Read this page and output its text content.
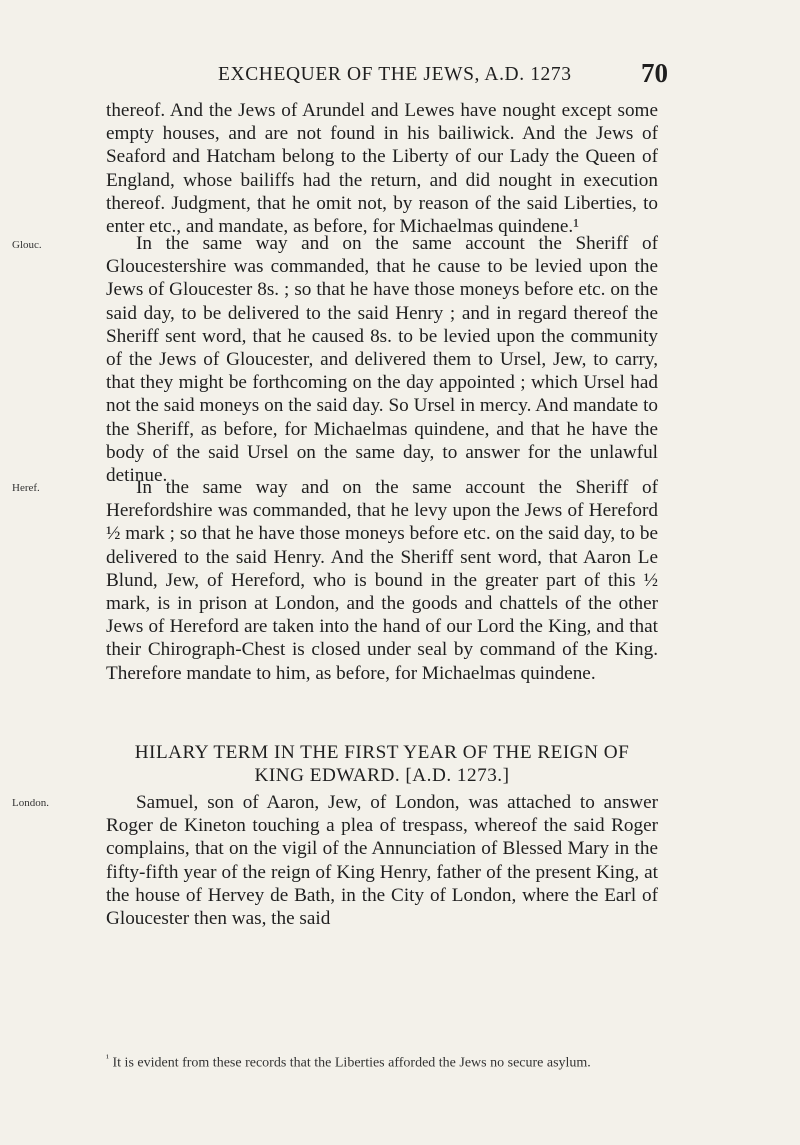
EXCHEQUER OF THE JEWS, A.D. 1273	70

thereof. And the Jews of Arundel and Lewes have nought except some empty houses, and are not found in his bailiwick. And the Jews of Seaford and Hatcham belong to the Liberty of our Lady the Queen of England, whose bailiffs had the return, and did nought in execution thereof. Judgment, that he omit not, by reason of the said Liberties, to enter etc., and mandate, as before, for Michaelmas quindene.¹

Glouc.	In the same way and on the same account the Sheriff of Gloucestershire was commanded, that he cause to be levied upon the Jews of Gloucester 8s. ; so that he have those moneys before etc. on the said day, to be delivered to the said Henry ; and in regard thereof the Sheriff sent word, that he caused 8s. to be levied upon the community of the Jews of Gloucester, and delivered them to Ursel, Jew, to carry, that they might be forthcoming on the day appointed ; which Ursel had not the said moneys on the said day. So Ursel in mercy. And mandate to the Sheriff, as before, for Michaelmas quindene, and that he have the body of the said Ursel on the same day, to answer for the unlawful detinue.

Heref.	In the same way and on the same account the Sheriff of Herefordshire was commanded, that he levy upon the Jews of Hereford ½ mark ; so that he have those moneys before etc. on the said day, to be delivered to the said Henry. And the Sheriff sent word, that Aaron Le Blund, Jew, of Hereford, who is bound in the greater part of this ½ mark, is in prison at London, and the goods and chattels of the other Jews of Hereford are taken into the hand of our Lord the King, and that their Chirograph-Chest is closed under seal by command of the King. Therefore mandate to him, as before, for Michaelmas quindene.

HILARY TERM IN THE FIRST YEAR OF THE REIGN OF
KING EDWARD. [A.D. 1273.]
London.	Samuel, son of Aaron, Jew, of London, was attached to answer Roger de Kineton touching a plea of trespass, whereof the said Roger complains, that on the vigil of the Annunciation of Blessed Mary in the fifty-fifth year of the reign of King Henry, father of the present King, at the house of Hervey de Bath, in the City of London, where the Earl of Gloucester then was, the said

$^{^1}$ It is evident from these records that the Liberties afforded the Jews no secure asylum.
